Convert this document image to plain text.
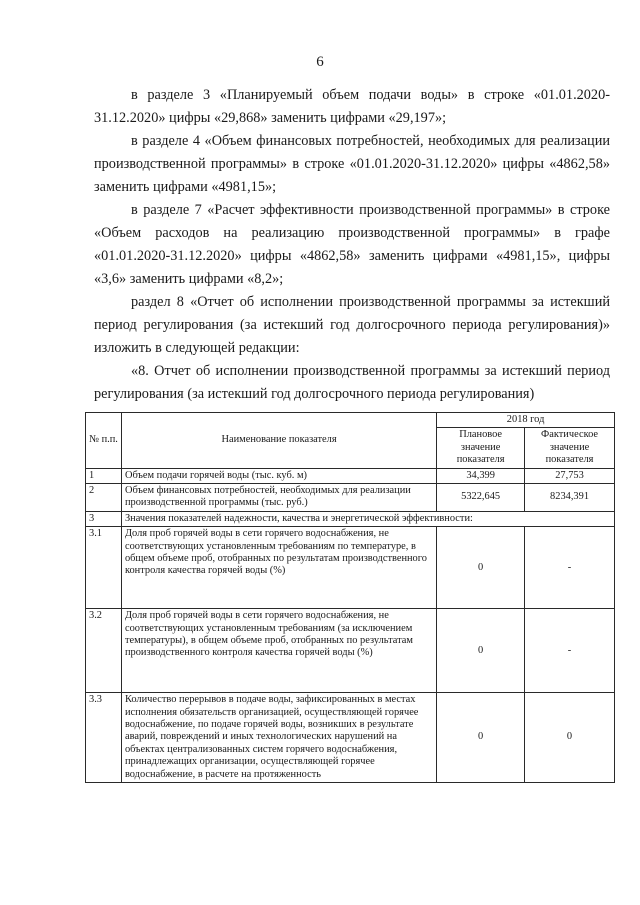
6

в разделе 3 «Планируемый объем подачи воды» в строке «01.01.2020-31.12.2020» цифры «29,868» заменить цифрами «29,197»;

в разделе 4 «Объем финансовых потребностей, необходимых для реализации производственной программы» в строке «01.01.2020-31.12.2020» цифры «4862,58» заменить цифрами «4981,15»;

в разделе 7 «Расчет эффективности производственной программы» в строке «Объем расходов на реализацию производственной программы» в графе «01.01.2020-31.12.2020» цифры «4862,58» заменить цифрами «4981,15», цифры «3,6» заменить цифрами «8,2»;

раздел 8 «Отчет об исполнении производственной программы за истекший период регулирования (за истекший год долгосрочного периода регулирования)» изложить в следующей редакции:

«8. Отчет об исполнении производственной программы за истекший период регулирования (за истекший год долгосрочного периода регулирования)

№ п.п.	Наименование показателя	2018 год	
		Плановое значение показателя	Фактическое значение показателя
1	Объем подачи горячей воды (тыс. куб. м)	34,399	27,753
2	Объем финансовых потребностей, необходимых для реализации производственной программы (тыс. руб.)	5322,645	8234,391
3	Значения показателей надежности, качества и энергетической эффективности:		
3.1	Доля проб горячей воды в сети горячего водоснабжения, не соответствующих установленным требованиям по температуре, в общем объеме проб, отобранных по результатам производственного контроля качества горячей воды (%)	0	-
3.2	Доля проб горячей воды в сети горячего водоснабжения, не соответствующих установленным требованиям (за исключением температуры), в общем объеме проб, отобранных по результатам производственного контроля качества горячей воды (%)	0	-
3.3	Количество перерывов в подаче воды, зафиксированных в местах исполнения обязательств организацией, осуществляющей горячее водоснабжение, по подаче горячей воды, возникших в результате аварий, повреждений и иных технологических нарушений на объектах централизованных систем горячего водоснабжения, принадлежащих организации, осуществляющей горячее водоснабжение, в расчете на протяженность	0	0
